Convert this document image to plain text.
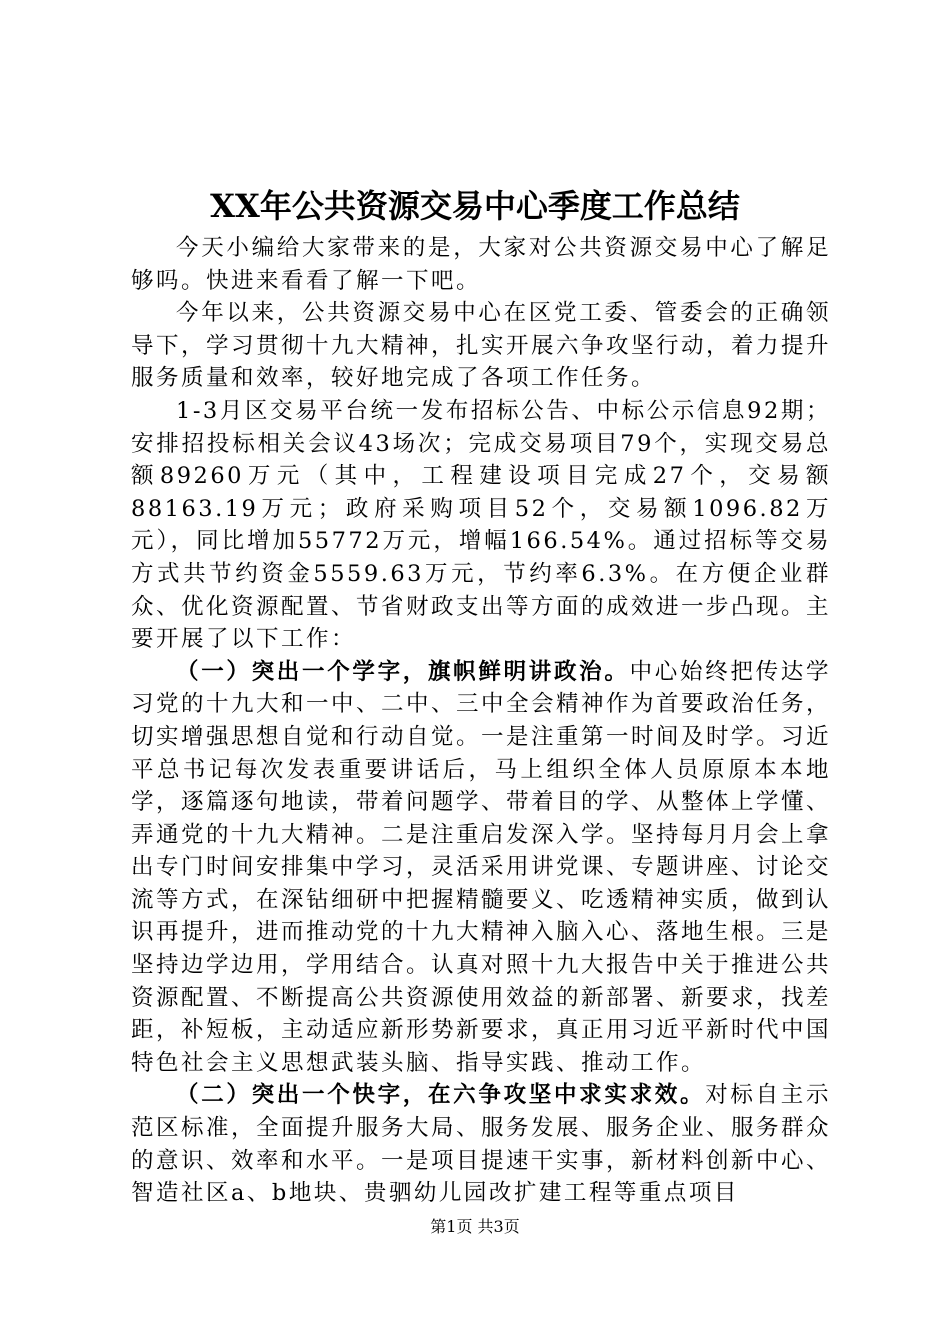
XX年公共资源交易中心季度工作总结

今天小编给大家带来的是，大家对公共资源交易中心了解足够吗。快进来看看了解一下吧。

今年以来，公共资源交易中心在区党工委、管委会的正确领导下，学习贯彻十九大精神，扎实开展六争攻坚行动，着力提升服务质量和效率，较好地完成了各项工作任务。

1-3月区交易平台统一发布招标公告、中标公示信息92期；安排招投标相关会议43场次；完成交易项目79个，实现交易总额89260万元（其中，工程建设项目完成27个，交易额88163.19万元；政府采购项目52个，交易额1096.82万元），同比增加55772万元，增幅166.54%。通过招标等交易方式共节约资金5559.63万元，节约率6.3%。在方便企业群众、优化资源配置、节省财政支出等方面的成效进一步凸现。主要开展了以下工作：

（一）突出一个学字，旗帜鲜明讲政治。中心始终把传达学习党的十九大和一中、二中、三中全会精神作为首要政治任务，切实增强思想自觉和行动自觉。一是注重第一时间及时学。习近平总书记每次发表重要讲话后，马上组织全体人员原原本本地学，逐篇逐句地读，带着问题学、带着目的学、从整体上学懂、弄通党的十九大精神。二是注重启发深入学。坚持每月月会上拿出专门时间安排集中学习，灵活采用讲党课、专题讲座、讨论交流等方式，在深钻细研中把握精髓要义、吃透精神实质，做到认识再提升，进而推动党的十九大精神入脑入心、落地生根。三是坚持边学边用，学用结合。认真对照十九大报告中关于推进公共资源配置、不断提高公共资源使用效益的新部署、新要求，找差距，补短板，主动适应新形势新要求，真正用习近平新时代中国特色社会主义思想武装头脑、指导实践、推动工作。

（二）突出一个快字，在六争攻坚中求实求效。对标自主示范区标准，全面提升服务大局、服务发展、服务企业、服务群众的意识、效率和水平。一是项目提速干实事，新材料创新中心、智造社区a、b地块、贵驷幼儿园改扩建工程等重点项目

第1页 共3页
